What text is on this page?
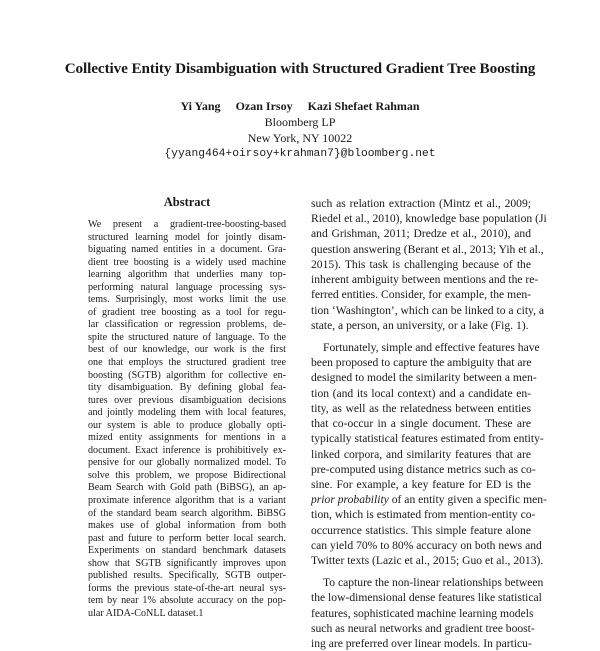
Collective Entity Disambiguation with Structured Gradient Tree Boosting
Yi Yang Ozan Irsoy Kazi Shefaet Rahman
Bloomberg LP
New York, NY 10022
{yyang464+oirsoy+krahman7}@bloomberg.net
Abstract
We present a gradient-tree-boosting-based
structured learning model for jointly disam-
biguating named entities in a document. Gra-
dient tree boosting is a widely used machine
learning algorithm that underlies many top-
performing natural language processing sys-
tems. Surprisingly, most works limit the use
of gradient tree boosting as a tool for regu-
lar classification or regression problems, de-
spite the structured nature of language. To the
best of our knowledge, our work is the first
one that employs the structured gradient tree
boosting (SGTB) algorithm for collective en-
tity disambiguation. By defining global fea-
tures over previous disambiguation decisions
and jointly modeling them with local features,
our system is able to produce globally opti-
mized entity assignments for mentions in a
document. Exact inference is prohibitively ex-
pensive for our globally normalized model. To
solve this problem, we propose Bidirectional
Beam Search with Gold path (BiBSG), an ap-
proximate inference algorithm that is a variant
of the standard beam search algorithm. BiBSG
makes use of global information from both
past and future to perform better local search.
Experiments on standard benchmark datasets
show that SGTB significantly improves upon
published results. Specifically, SGTB outper-
forms the previous state-of-the-art neural sys-
tem by near 1% absolute accuracy on the pop-
ular AIDA-CoNLL dataset.1
such as relation extraction (Mintz et al., 2009;
Riedel et al., 2010), knowledge base population (Ji
and Grishman, 2011; Dredze et al., 2010), and
question answering (Berant et al., 2013; Yih et al.,
2015). This task is challenging because of the
inherent ambiguity between mentions and the re-
ferred entities. Consider, for example, the men-
tion ‘Washington’, which can be linked to a city, a
state, a person, an university, or a lake (Fig. 1).
Fortunately, simple and effective features have
been proposed to capture the ambiguity that are
designed to model the similarity between a men-
tion (and its local context) and a candidate en-
tity, as well as the relatedness between entities
that co-occur in a single document. These are
typically statistical features estimated from entity-
linked corpora, and similarity features that are
pre-computed using distance metrics such as co-
sine. For example, a key feature for ED is the
prior probability of an entity given a specific men-
tion, which is estimated from mention-entity co-
occurrence statistics. This simple feature alone
can yield 70% to 80% accuracy on both news and
Twitter texts (Lazic et al., 2015; Guo et al., 2013).
To capture the non-linear relationships between
the low-dimensional dense features like statistical
features, sophisticated machine learning models
such as neural networks and gradient tree boost-
ing are preferred over linear models. In particu-
